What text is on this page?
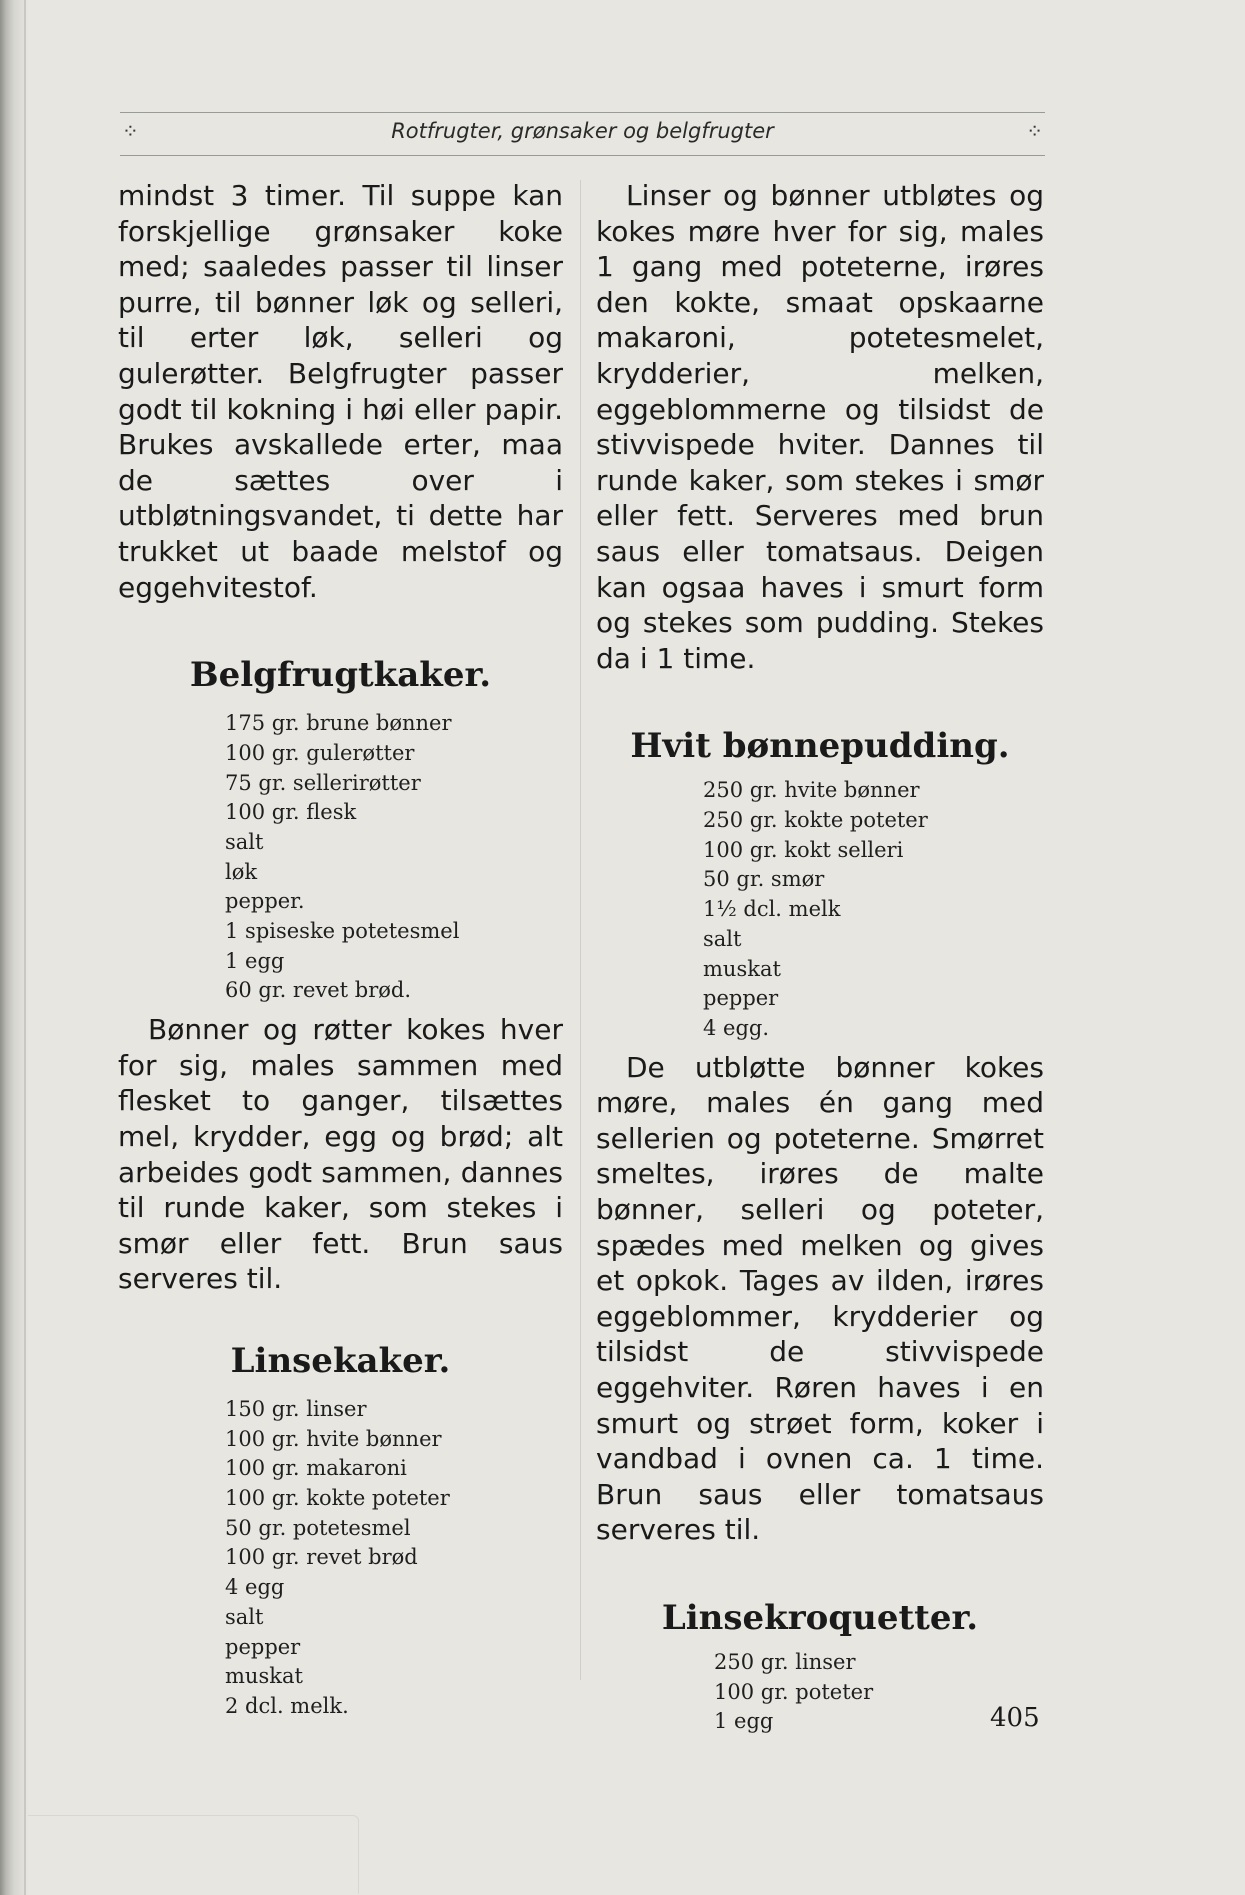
⁘	Rotfrugter, grønsaker og belgfrugter	⁘

mindst 3 timer. Til suppe kan forskjellige grønsaker koke med; saaledes passer til linser purre, til bønner løk og selleri, til erter løk, selleri og gulerøtter. Belgfrugter passer godt til kokning i høi eller papir. Brukes avskallede erter, maa de sættes over i utbløtningsvandet, ti dette har trukket ut baade melstof og eggehvitestof.

Belgfrugtkaker.
175 gr. brune bønner
100 gr. gulerøtter
75 gr. sellerirøtter
100 gr. flesk
salt
løk
pepper.
1 spiseske potetesmel
1 egg
60 gr. revet brød.

Bønner og røtter kokes hver for sig, males sammen med flesket to ganger, tilsættes mel, krydder, egg og brød; alt arbeides godt sammen, dannes til runde kaker, som stekes i smør eller fett. Brun saus serveres til.

Linsekaker.
150 gr. linser
100 gr. hvite bønner
100 gr. makaroni
100 gr. kokte poteter
50 gr. potetesmel
100 gr. revet brød
4 egg
salt
pepper
muskat
2 dcl. melk.

Linser og bønner utbløtes og kokes møre hver for sig, males 1 gang med poteterne, irøres den kokte, smaat opskaarne makaroni, potetesmelet, krydderier, melken, eggeblommerne og tilsidst de stivvispede hviter. Dannes til runde kaker, som stekes i smør eller fett. Serveres med brun saus eller tomatsaus. Deigen kan ogsaa haves i smurt form og stekes som pudding. Stekes da i 1 time.

Hvit bønnepudding.
250 gr. hvite bønner
250 gr. kokte poteter
100 gr. kokt selleri
50 gr. smør
1½ dcl. melk
salt
muskat
pepper
4 egg.

De utbløtte bønner kokes møre, males én gang med sellerien og poteterne. Smørret smeltes, irøres de malte bønner, selleri og poteter, spædes med melken og gives et opkok. Tages av ilden, irøres eggeblommer, krydderier og tilsidst de stivvispede eggehviter. Røren haves i en smurt og strøet form, koker i vandbad i ovnen ca. 1 time. Brun saus eller tomatsaus serveres til.

Linsekroquetter.
250 gr. linser
100 gr. poteter
1 egg	405
